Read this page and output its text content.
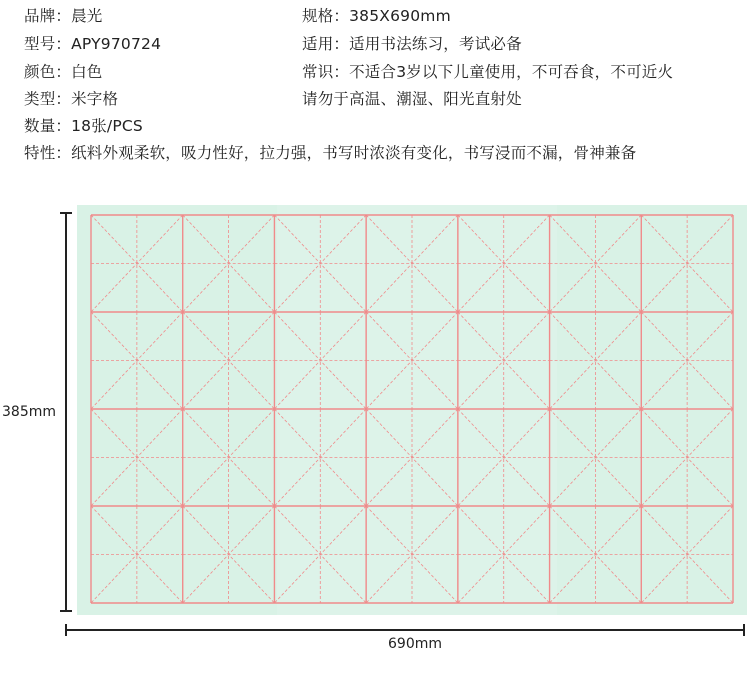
品牌：晨光
型号：APY970724
颜色：白色
类型：米字格
数量：18张/PCS
规格：385X690mm
适用：适用书法练习，考试必备
常识：不适合3岁以下儿童使用，不可吞食，不可近火
请勿于高温、潮湿、阳光直射处
特性：纸料外观柔软，吸力性好，拉力强，书写时浓淡有变化，书写浸而不漏，骨神兼备
385mm
690mm
